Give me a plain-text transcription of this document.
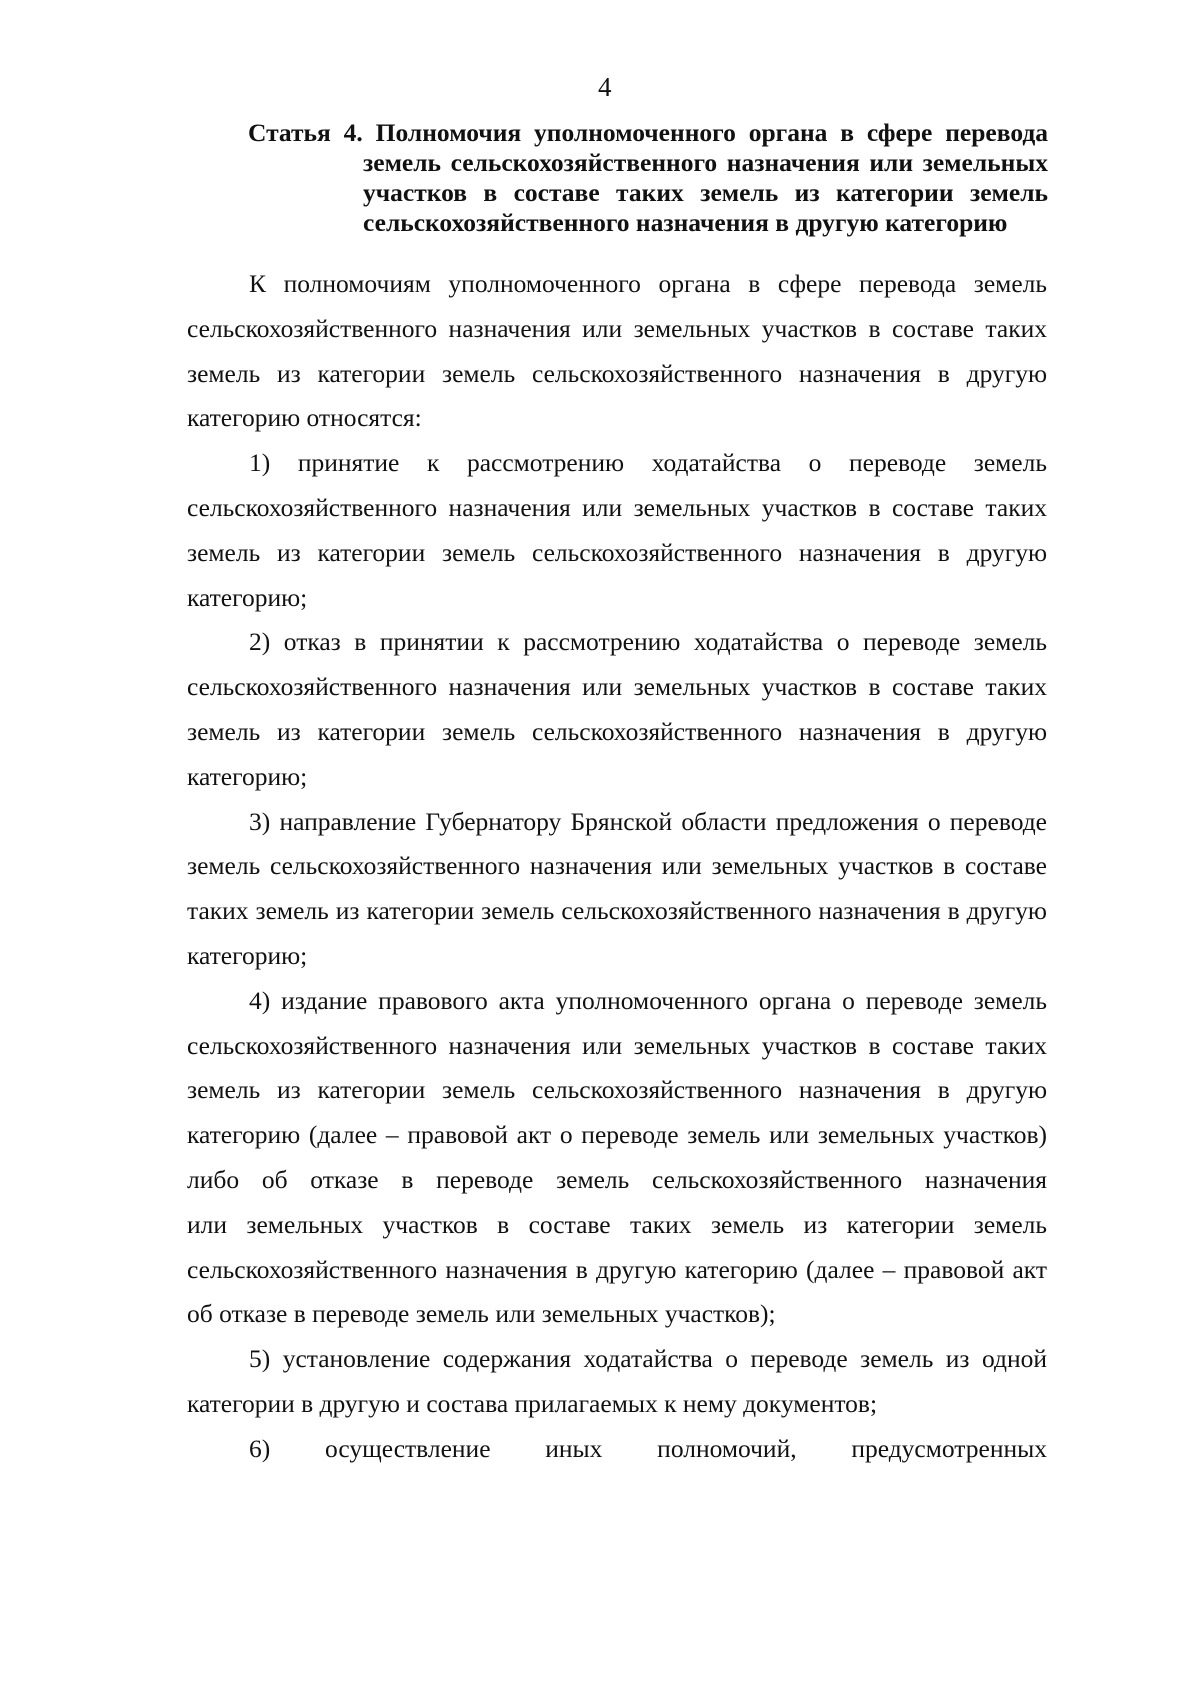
4
Статья 4. Полномочия уполномоченного органа в сфере перевода
земель сельскохозяйственного назначения или земельных
участков в составе таких земель из категории земель
сельскохозяйственного назначения в другую категорию
К полномочиям уполномоченного органа в сфере перевода земель
сельскохозяйственного назначения или земельных участков в составе таких
земель из категории земель сельскохозяйственного назначения в другую
категорию относятся:
1) принятие к рассмотрению ходатайства о переводе земель
сельскохозяйственного назначения или земельных участков в составе таких
земель из категории земель сельскохозяйственного назначения в другую
категорию;
2) отказ в принятии к рассмотрению ходатайства о переводе земель
сельскохозяйственного назначения или земельных участков в составе таких
земель из категории земель сельскохозяйственного назначения в другую
категорию;
3) направление Губернатору Брянской области предложения о переводе
земель сельскохозяйственного назначения или земельных участков в составе
таких земель из категории земель сельскохозяйственного назначения в другую
категорию;
4) издание правового акта уполномоченного органа о переводе земель
сельскохозяйственного назначения или земельных участков в составе таких
земель из категории земель сельскохозяйственного назначения в другую
категорию (далее – правовой акт о переводе земель или земельных участков)
либо об отказе в переводе земель сельскохозяйственного назначения
или земельных участков в составе таких земель из категории земель
сельскохозяйственного назначения в другую категорию (далее – правовой акт
об отказе в переводе земель или земельных участков);
5) установление содержания ходатайства о переводе земель из одной
категории в другую и состава прилагаемых к нему документов;
6) осуществление иных полномочий, предусмотренных
